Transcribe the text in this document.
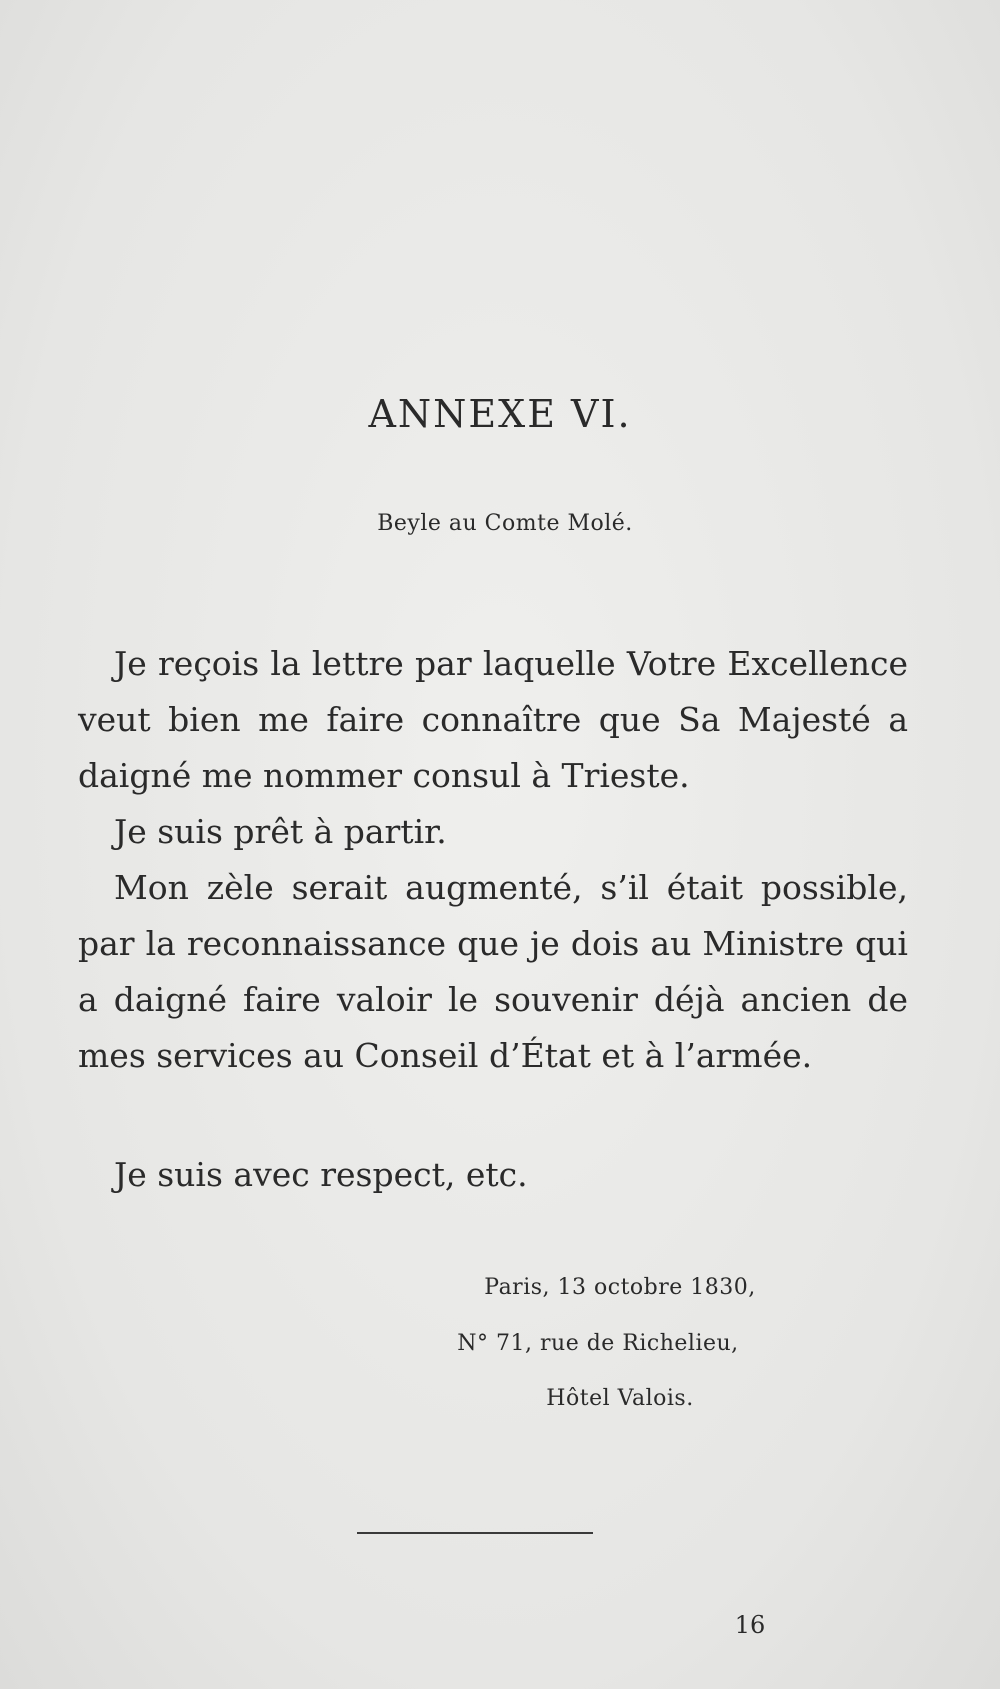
ANNEXE VI.
Beyle au Comte Molé.

Je reçois la lettre par laquelle Votre Excellence veut bien me faire connaître que Sa Majesté a daigné me nommer consul à Trieste.

Je suis prêt à partir.

Mon zèle serait augmenté, s’il était possible, par la reconnaissance que je dois au Ministre qui a daigné faire valoir le souvenir déjà ancien de mes services au Conseil d’État et à l’armée.

Je suis avec respect, etc.
Paris, 13 octobre 1830,
N° 71, rue de Richelieu,
Hôtel Valois.
16
